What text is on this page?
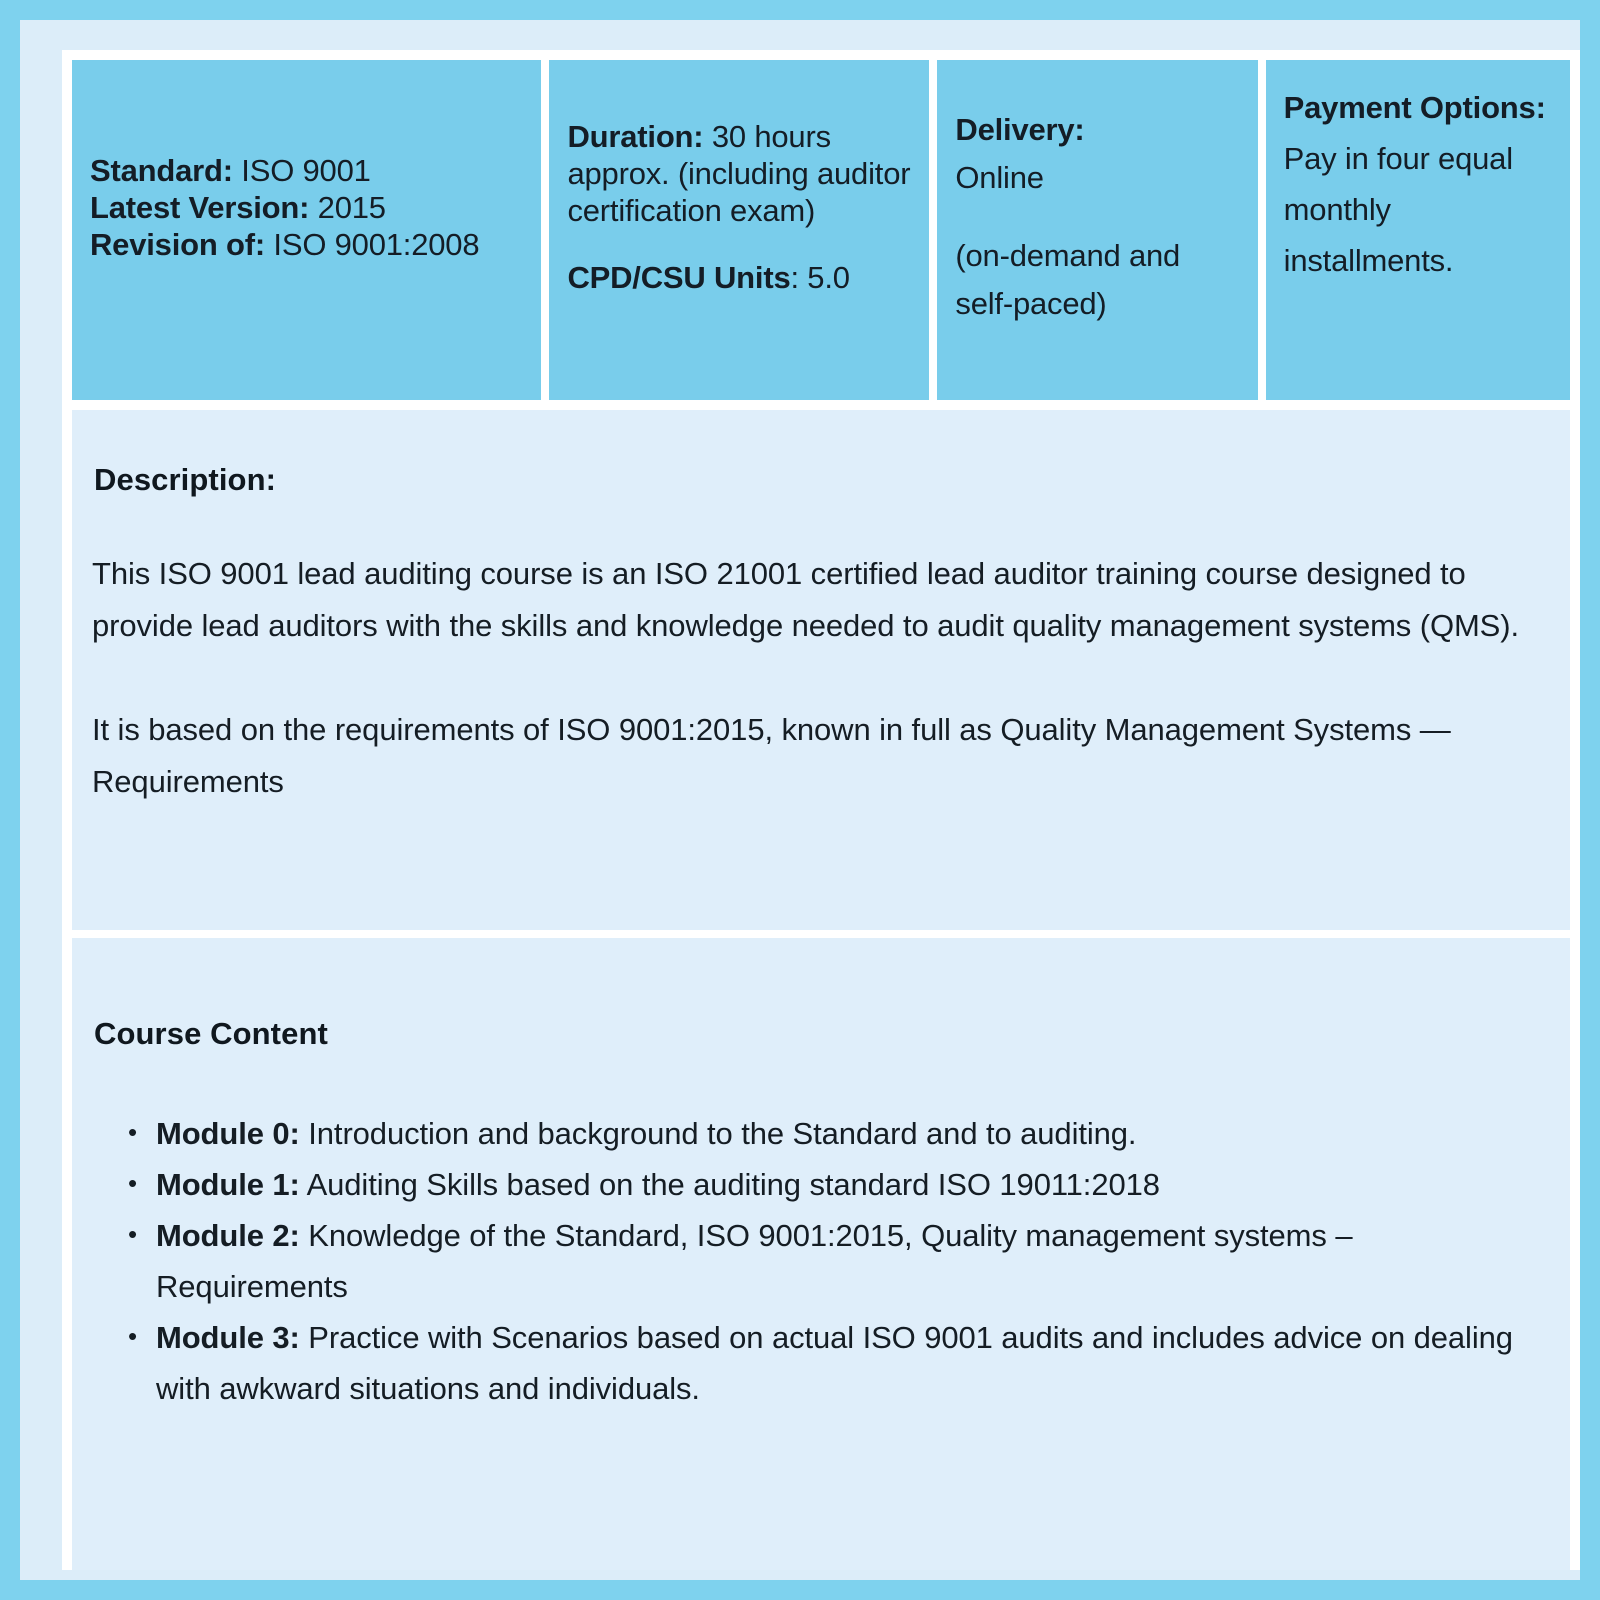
Standard: ISO 9001
Latest Version: 2015
Revision of: ISO 9001:2008
Duration: 30 hours approx. (including auditor certification exam)
CPD/CSU Units: 5.0
Delivery:
Online
(on-demand and self-paced)
Payment Options:
Pay in four equal monthly installments.
Description:

This ISO 9001 lead auditing course is an ISO 21001 certified lead auditor training course designed to provide lead auditors with the skills and knowledge needed to audit quality management systems (QMS).

It is based on the requirements of ISO 9001:2015, known in full as Quality Management Systems — Requirements

Course Content
• Module 0: Introduction and background to the Standard and to auditing.
• Module 1: Auditing Skills based on the auditing standard ISO 19011:2018
• Module 2: Knowledge of the Standard, ISO 9001:2015, Quality management systems – Requirements
• Module 3: Practice with Scenarios based on actual ISO 9001 audits and includes advice on dealing with awkward situations and individuals.
